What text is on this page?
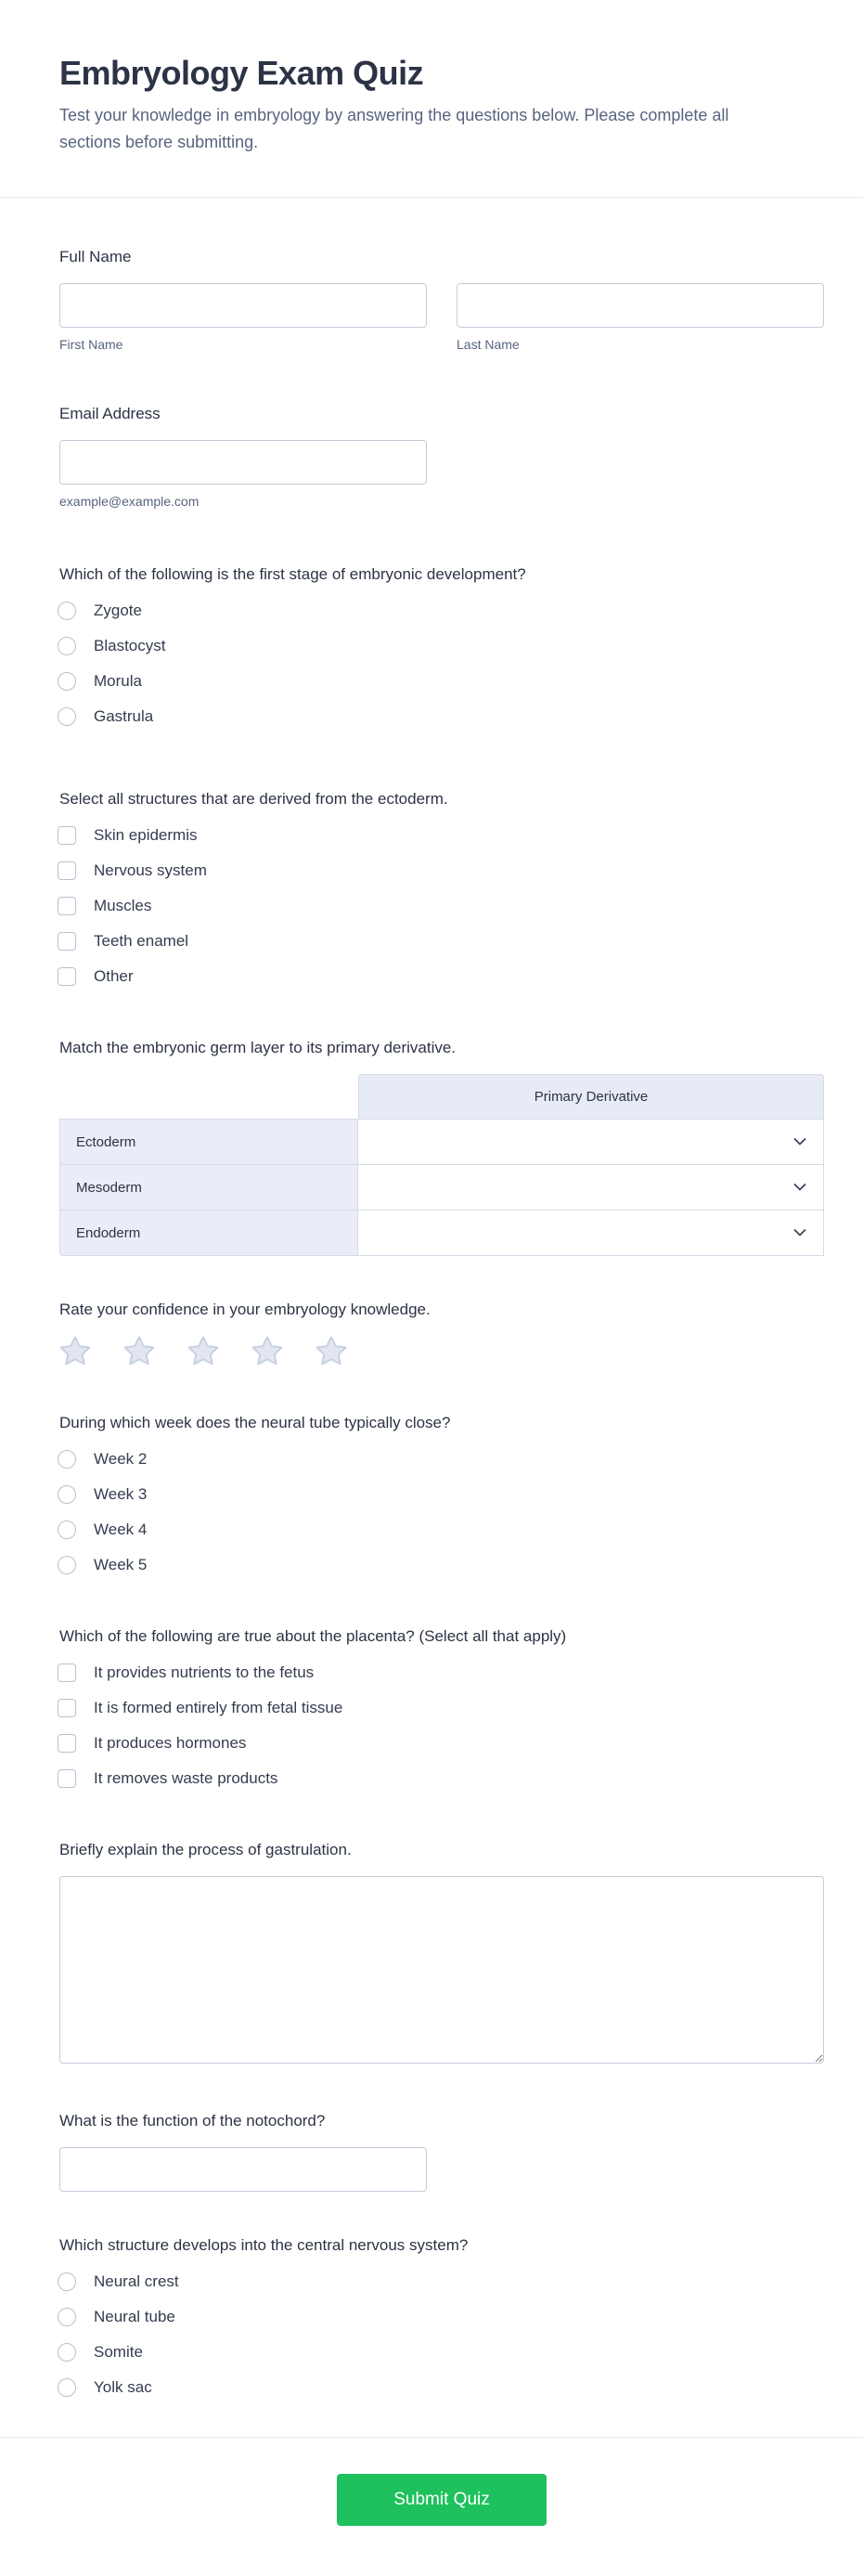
Embryology Exam Quiz

Test your knowledge in embryology by answering the questions below. Please complete all sections before submitting.

Full Name
First Name	Last Name
Email Address
example@example.com
Which of the following is the first stage of embryonic development?
Zygote
Blastocyst
Morula
Gastrula
Select all structures that are derived from the ectoderm.
Skin epidermis
Nervous system
Muscles
Teeth enamel
Other
Match the embryonic germ layer to its primary derivative.
Primary Derivative
Ectoderm
Mesoderm
Endoderm
Rate your confidence in your embryology knowledge.
During which week does the neural tube typically close?
Week 2
Week 3
Week 4
Week 5
Which of the following are true about the placenta? (Select all that apply)
It provides nutrients to the fetus
It is formed entirely from fetal tissue
It produces hormones
It removes waste products
Briefly explain the process of gastrulation.
What is the function of the notochord?
Which structure develops into the central nervous system?
Neural crest
Neural tube
Somite
Yolk sac
Submit Quiz
